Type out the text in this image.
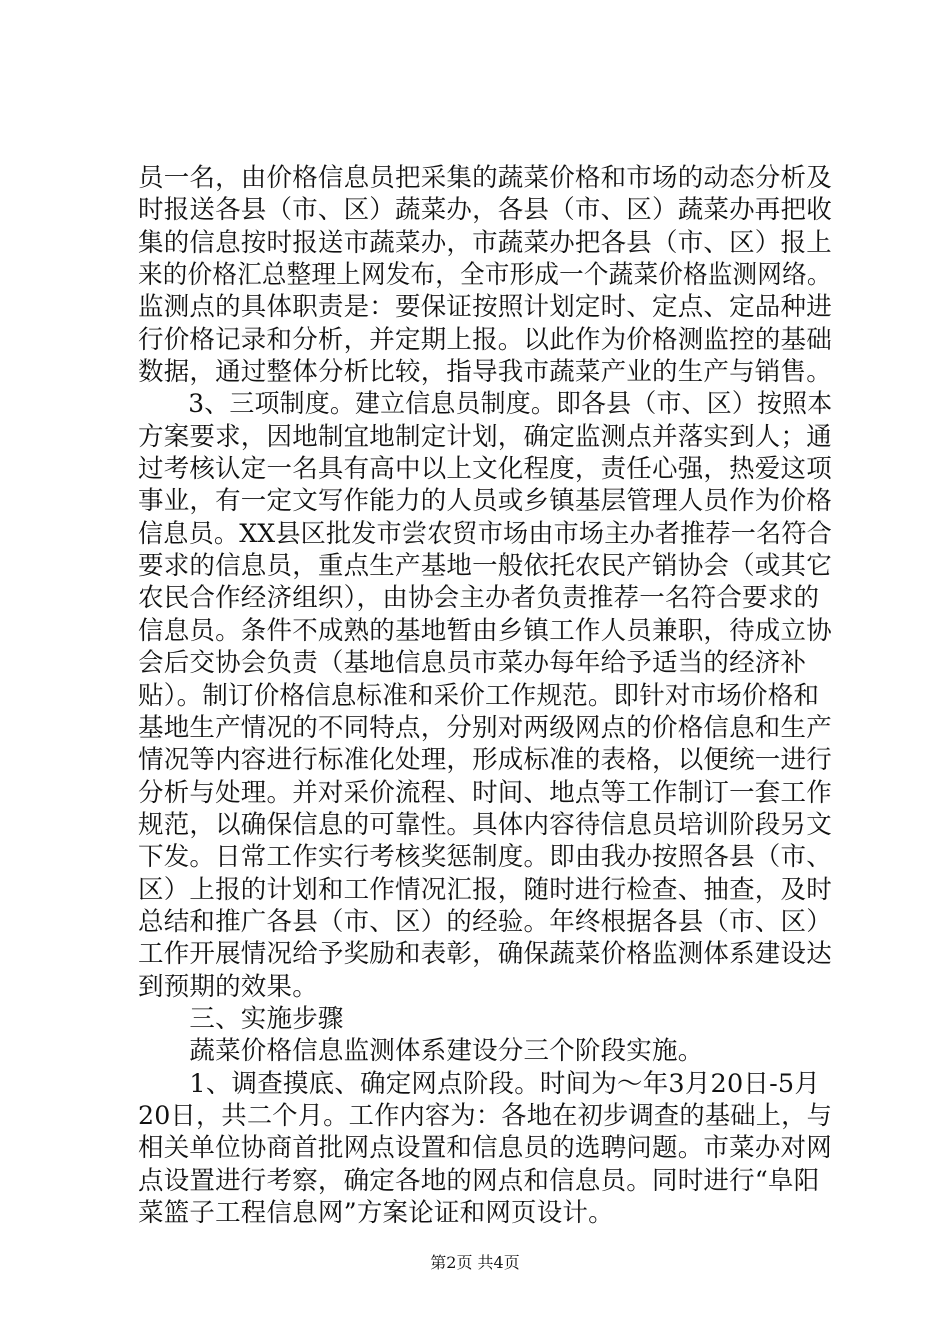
员一名，由价格信息员把采集的蔬菜价格和市场的动态分析及
时报送各县（市、区）蔬菜办，各县（市、区）蔬菜办再把收
集的信息按时报送市蔬菜办，市蔬菜办把各县（市、区）报上
来的价格汇总整理上网发布，全市形成一个蔬菜价格监测网络。
监测点的具体职责是：要保证按照计划定时、定点、定品种进
行价格记录和分析，并定期上报。以此作为价格测监控的基础
数据，通过整体分析比较，指导我市蔬菜产业的生产与销售。
　　3、三项制度。建立信息员制度。即各县（市、区）按照本
方案要求，因地制宜地制定计划，确定监测点并落实到人；通
过考核认定一名具有高中以上文化程度，责任心强，热爱这项
事业，有一定文写作能力的人员或乡镇基层管理人员作为价格
信息员。XX县区批发市尝农贸市场由市场主办者推荐一名符合
要求的信息员，重点生产基地一般依托农民产销协会（或其它
农民合作经济组织），由协会主办者负责推荐一名符合要求的
信息员。条件不成熟的基地暂由乡镇工作人员兼职，待成立协
会后交协会负责（基地信息员市菜办每年给予适当的经济补
贴）。制订价格信息标准和采价工作规范。即针对市场价格和
基地生产情况的不同特点，分别对两级网点的价格信息和生产
情况等内容进行标准化处理，形成标准的表格，以便统一进行
分析与处理。并对采价流程、时间、地点等工作制订一套工作
规范，以确保信息的可靠性。具体内容待信息员培训阶段另文
下发。日常工作实行考核奖惩制度。即由我办按照各县（市、
区）上报的计划和工作情况汇报，随时进行检查、抽查，及时
总结和推广各县（市、区）的经验。年终根据各县（市、区）
工作开展情况给予奖励和表彰，确保蔬菜价格监测体系建设达
到预期的效果。
　　三、实施步骤
　　蔬菜价格信息监测体系建设分三个阶段实施。
　　1、调查摸底、确定网点阶段。时间为～年3月20日-5月
20日，共二个月。工作内容为：各地在初步调查的基础上，与
相关单位协商首批网点设置和信息员的选聘问题。市菜办对网
点设置进行考察，确定各地的网点和信息员。同时进行“阜阳
菜篮子工程信息网”方案论证和网页设计。
第2页 共4页
